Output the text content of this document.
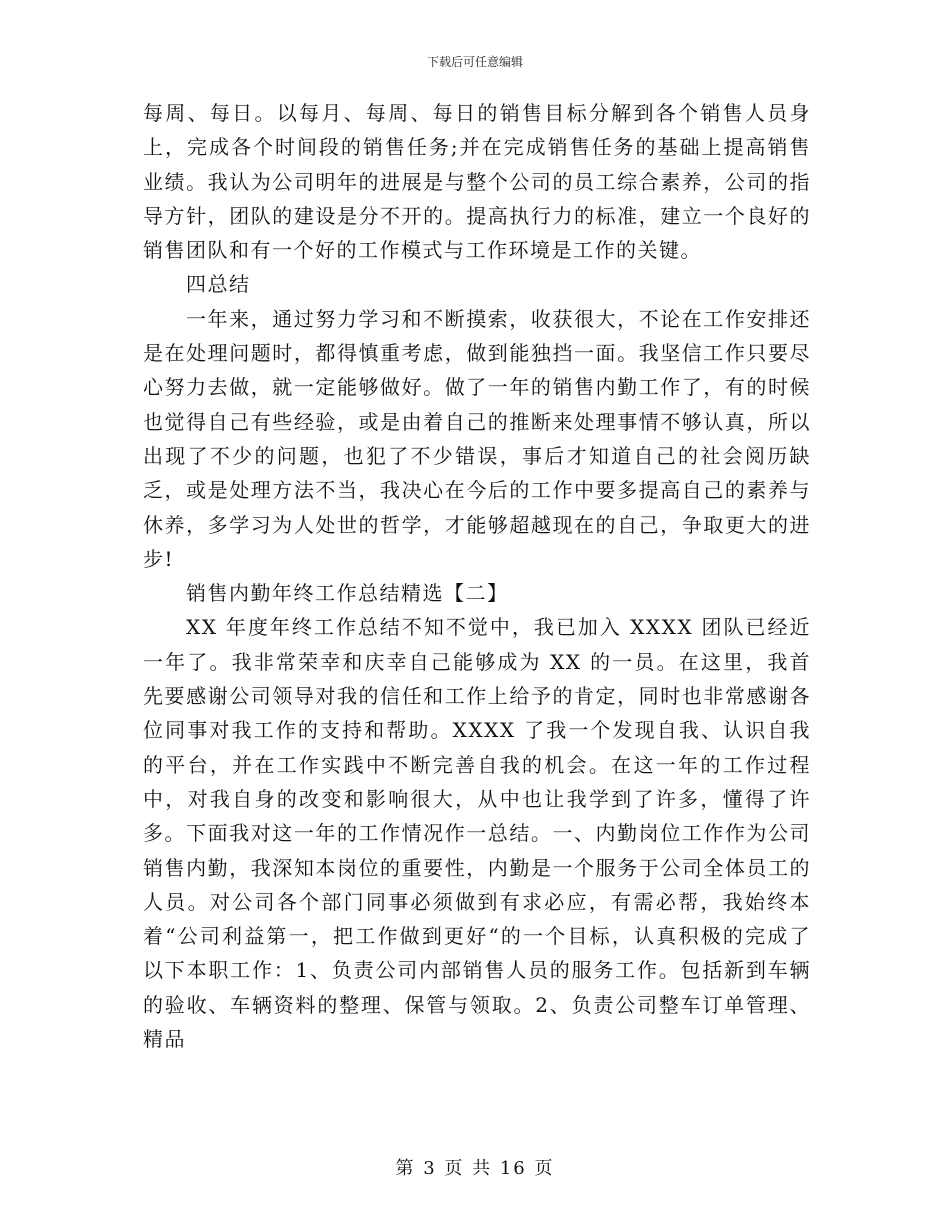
下载后可任意编辑

每周、每日。以每月、每周、每日的销售目标分解到各个销售人员身上，完成各个时间段的销售任务;并在完成销售任务的基础上提高销售业绩。我认为公司明年的进展是与整个公司的员工综合素养，公司的指导方针，团队的建设是分不开的。提高执行力的标准，建立一个良好的销售团队和有一个好的工作模式与工作环境是工作的关键。

四总结

一年来，通过努力学习和不断摸索，收获很大，不论在工作安排还是在处理问题时，都得慎重考虑，做到能独挡一面。我坚信工作只要尽心努力去做，就一定能够做好。做了一年的销售内勤工作了，有的时候也觉得自己有些经验，或是由着自己的推断来处理事情不够认真，所以出现了不少的问题，也犯了不少错误，事后才知道自己的社会阅历缺乏，或是处理方法不当，我决心在今后的工作中要多提高自己的素养与休养，多学习为人处世的哲学，才能够超越现在的自己，争取更大的进步!

销售内勤年终工作总结精选【二】

XX 年度年终工作总结不知不觉中，我已加入 XXXX 团队已经近一年了。我非常荣幸和庆幸自己能够成为 XX 的一员。在这里，我首先要感谢公司领导对我的信任和工作上给予的肯定，同时也非常感谢各位同事对我工作的支持和帮助。XXXX 了我一个发现自我、认识自我的平台，并在工作实践中不断完善自我的机会。在这一年的工作过程中，对我自身的改变和影响很大，从中也让我学到了许多，懂得了许多。下面我对这一年的工作情况作一总结。一、内勤岗位工作作为公司销售内勤，我深知本岗位的重要性，内勤是一个服务于公司全体员工的人员。对公司各个部门同事必须做到有求必应，有需必帮，我始终本着“公司利益第一，把工作做到更好“的一个目标，认真积极的完成了以下本职工作：1、负责公司内部销售人员的服务工作。包括新到车辆的验收、车辆资料的整理、保管与领取。2、负责公司整车订单管理、精品

第 3 页 共 16 页
